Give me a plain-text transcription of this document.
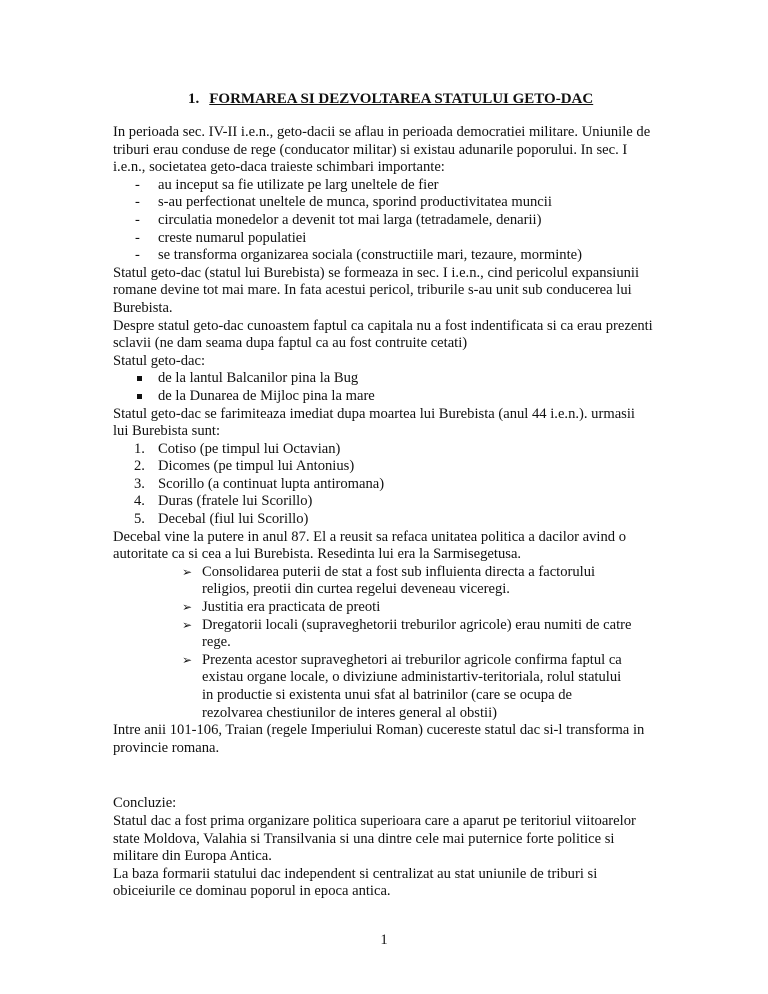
1. FORMAREA SI DEZVOLTAREA STATULUI GETO-DAC

In perioada sec. IV-II i.e.n., geto-dacii se aflau in perioada democratiei militare. Uniunile de triburi erau conduse de rege (conducator militar) si existau adunarile poporului. In sec. I i.e.n., societatea geto-daca traieste schimbari importante:

- au inceput sa fie utilizate pe larg uneltele de fier
- s-au perfectionat uneltele de munca, sporind productivitatea muncii
- circulatia monedelor a devenit tot mai larga (tetradamele, denarii)
- creste numarul populatiei
- se transforma organizarea sociala (constructiile mari, tezaure, morminte)

Statul geto-dac (statul lui Burebista) se formeaza in sec. I i.e.n., cind pericolul expansiunii romane devine tot mai mare. In fata acestui pericol, triburile s-au unit sub conducerea lui Burebista.

Despre statul geto-dac cunoastem faptul ca capitala nu a fost indentificata si ca erau prezenti sclavii (ne dam seama dupa faptul ca au fost contruite cetati)

Statul geto-dac:

de la lantul Balcanilor pina la Bug
de la Dunarea de Mijloc pina la mare

Statul geto-dac se farimiteaza imediat dupa moartea lui Burebista (anul 44 i.e.n.). urmasii lui Burebista sunt:

1. Cotiso (pe timpul lui Octavian)
2. Dicomes (pe timpul lui Antonius)
3. Scorillo (a continuat lupta antiromana)
4. Duras (fratele lui Scorillo)
5. Decebal (fiul lui Scorillo)

Decebal vine la putere in anul 87. El a reusit sa refaca unitatea politica a dacilor avind o autoritate ca si cea a lui Burebista. Resedinta lui era la Sarmisegetusa.

➢ Consolidarea puterii de stat a fost sub influienta directa a factorului religios, preotii din curtea regelui deveneau viceregi.
➢ Justitia era practicata de preoti
➢ Dregatorii locali (supraveghetorii treburilor agricole) erau numiti de catre rege.
➢ Prezenta acestor supraveghetori ai treburilor agricole confirma faptul ca existau organe locale, o diviziune administartiv-teritoriala, rolul statului in productie si existenta unui sfat al batrinilor (care se ocupa de rezolvarea chestiunilor de interes general al obstii)

Intre anii 101-106, Traian (regele Imperiului Roman) cucereste statul dac si-l transforma in provincie romana.

Concluzie:

Statul dac a fost prima organizare politica superioara care a aparut pe teritoriul viitoarelor state Moldova, Valahia si Transilvania si una dintre cele mai puternice forte politice si militare din Europa Antica.

La baza formarii statului dac independent si centralizat au stat uniunile de triburi si obiceiurile ce dominau poporul in epoca antica.

1
